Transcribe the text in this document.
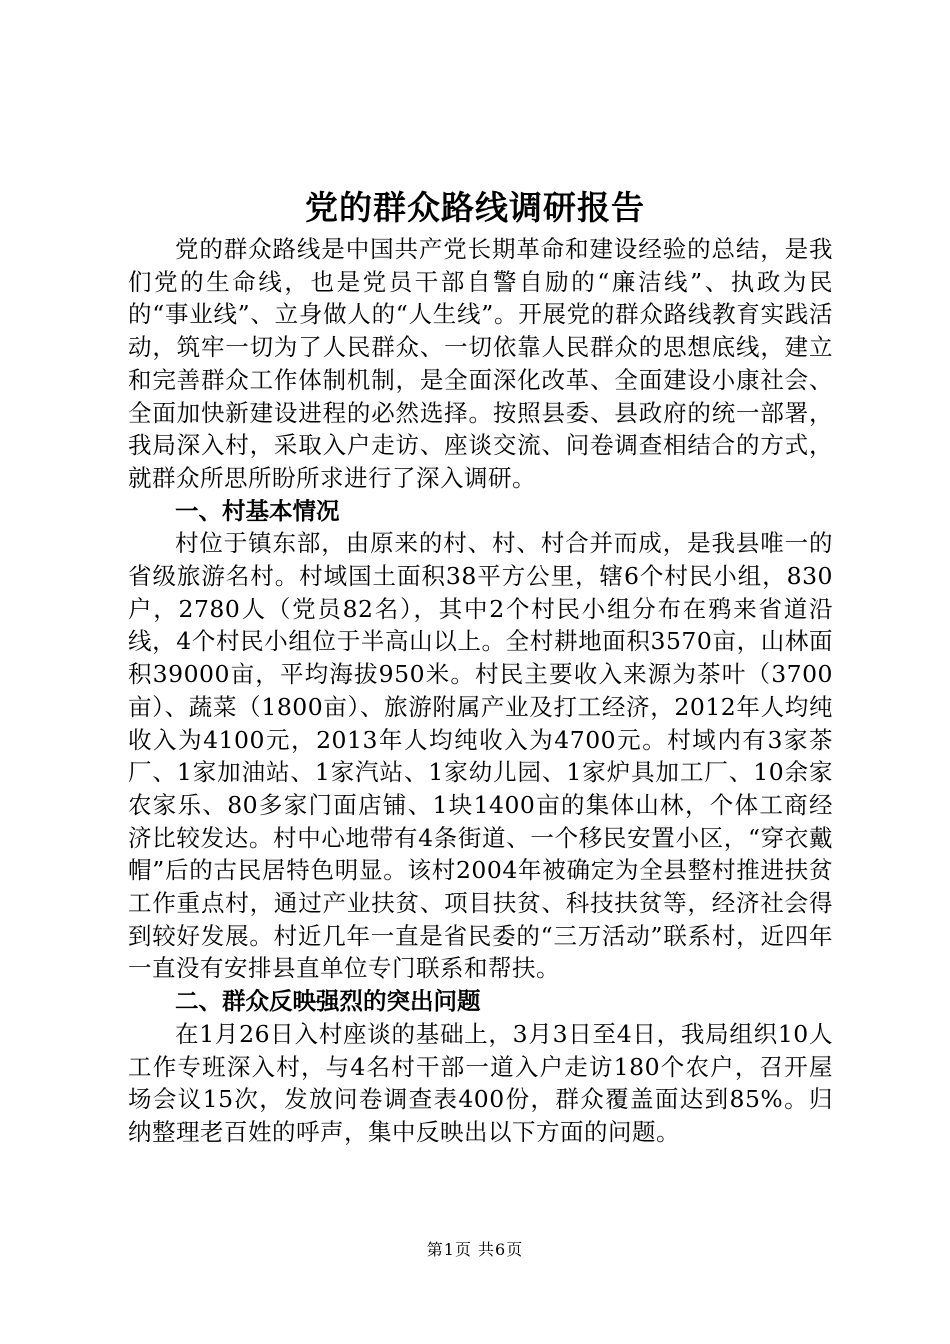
党的群众路线调研报告

党的群众路线是中国共产党长期革命和建设经验的总结，是我们党的生命线，也是党员干部自警自励的“廉洁线”、执政为民的“事业线”、立身做人的“人生线”。开展党的群众路线教育实践活动，筑牢一切为了人民群众、一切依靠人民群众的思想底线，建立和完善群众工作体制机制，是全面深化改革、全面建设小康社会、全面加快新建设进程的必然选择。按照县委、县政府的统一部署，我局深入村，采取入户走访、座谈交流、问卷调查相结合的方式，就群众所思所盼所求进行了深入调研。

一、村基本情况

村位于镇东部，由原来的村、村、村合并而成，是我县唯一的省级旅游名村。村域国土面积38平方公里，辖6个村民小组，830户，2780人（党员82名），其中2个村民小组分布在鸦来省道沿线，4个村民小组位于半高山以上。全村耕地面积3570亩，山林面积39000亩，平均海拔950米。村民主要收入来源为茶叶（3700亩）、蔬菜（1800亩）、旅游附属产业及打工经济，2012年人均纯收入为4100元，2013年人均纯收入为4700元。村域内有3家茶厂、1家加油站、1家汽站、1家幼儿园、1家炉具加工厂、10余家农家乐、80多家门面店铺、1块1400亩的集体山林，个体工商经济比较发达。村中心地带有4条街道、一个移民安置小区，“穿衣戴帽”后的古民居特色明显。该村2004年被确定为全县整村推进扶贫工作重点村，通过产业扶贫、项目扶贫、科技扶贫等，经济社会得到较好发展。村近几年一直是省民委的“三万活动”联系村，近四年一直没有安排县直单位专门联系和帮扶。

二、群众反映强烈的突出问题

在1月26日入村座谈的基础上，3月3日至4日，我局组织10人工作专班深入村，与4名村干部一道入户走访180个农户，召开屋场会议15次，发放问卷调查表400份，群众覆盖面达到85%。归纳整理老百姓的呼声，集中反映出以下方面的问题。

第1页 共6页
